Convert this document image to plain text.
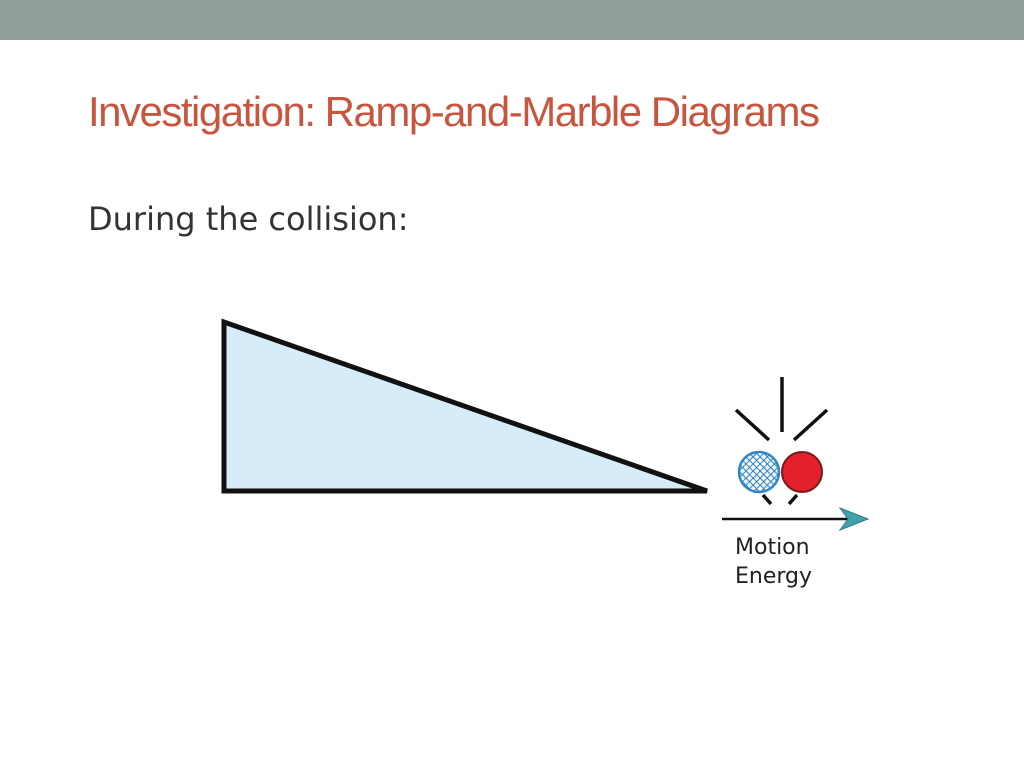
Investigation: Ramp-and-Marble Diagrams
During the collision:
Motion
Energy
